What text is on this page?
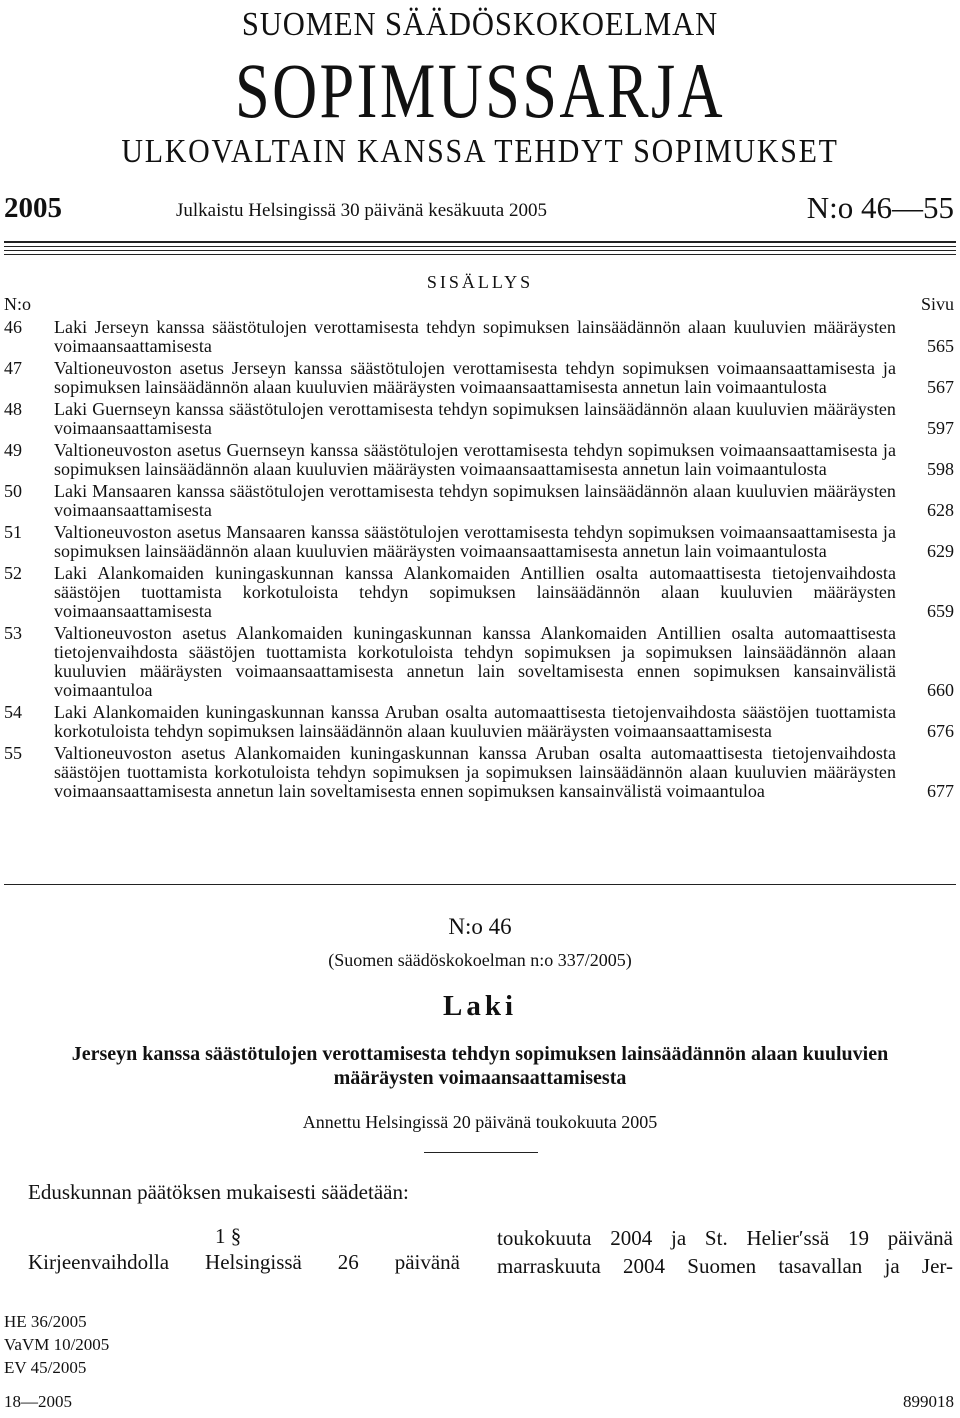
SUOMEN SÄÄDÖSKOKOELMAN
SOPIMUSSARJA
ULKOVALTAIN KANSSA TEHDYT SOPIMUKSET
2005	Julkaistu Helsingissä 30 päivänä kesäkuuta 2005	N:o 46—55
SISÄLLYS
N:o	Sivu
46	Laki Jerseyn kanssa säästötulojen verottamisesta tehdyn sopimuksen lainsäädännön alaan kuuluvien määräysten voimaansaattamisesta	565
47	Valtioneuvoston asetus Jerseyn kanssa säästötulojen verottamisesta tehdyn sopimuksen voimaansaattamisesta ja sopimuksen lainsäädännön alaan kuuluvien määräysten voimaansaattamisesta annetun lain voimaantulosta	567
48	Laki Guernseyn kanssa säästötulojen verottamisesta tehdyn sopimuksen lainsäädännön alaan kuuluvien määräysten voimaansaattamisesta	597
49	Valtioneuvoston asetus Guernseyn kanssa säästötulojen verottamisesta tehdyn sopimuksen voimaansaattamisesta ja sopimuksen lainsäädännön alaan kuuluvien määräysten voimaansaattamisesta annetun lain voimaantulosta	598
50	Laki Mansaaren kanssa säästötulojen verottamisesta tehdyn sopimuksen lainsäädännön alaan kuuluvien määräysten voimaansaattamisesta	628
51	Valtioneuvoston asetus Mansaaren kanssa säästötulojen verottamisesta tehdyn sopimuksen voimaansaattamisesta ja sopimuksen lainsäädännön alaan kuuluvien määräysten voimaansaattamisesta annetun lain voimaantulosta	629
52	Laki Alankomaiden kuningaskunnan kanssa Alankomaiden Antillien osalta automaattisesta tietojenvaihdosta säästöjen tuottamista korkotuloista tehdyn sopimuksen lainsäädännön alaan kuuluvien määräysten voimaansaattamisesta	659
53	Valtioneuvoston asetus Alankomaiden kuningaskunnan kanssa Alankomaiden Antillien osalta automaattisesta tietojenvaihdosta säästöjen tuottamista korkotuloista tehdyn sopimuksen ja sopimuksen lainsäädännön alaan kuuluvien määräysten voimaansaattamisesta annetun lain soveltamisesta ennen sopimuksen kansainvälistä voimaantuloa	660
54	Laki Alankomaiden kuningaskunnan kanssa Aruban osalta automaattisesta tietojenvaihdosta säästöjen tuottamista korkotuloista tehdyn sopimuksen lainsäädännön alaan kuuluvien määräysten voimaansaattamisesta	676
55	Valtioneuvoston asetus Alankomaiden kuningaskunnan kanssa Aruban osalta automaattisesta tietojenvaihdosta säästöjen tuottamista korkotuloista tehdyn sopimuksen ja sopimuksen lainsäädännön alaan kuuluvien määräysten voimaansaattamisesta annetun lain soveltamisesta ennen sopimuksen kansainvälistä voimaantuloa	677
N:o 46
(Suomen säädöskokoelman n:o 337/2005)
Laki
Jerseyn kanssa säästötulojen verottamisesta tehdyn sopimuksen lainsäädännön alaan kuuluvien määräysten voimaansaattamisesta
Annettu Helsingissä 20 päivänä toukokuuta 2005
Eduskunnan päätöksen mukaisesti säädetään:
1 §
Kirjeenvaihdolla Helsingissä 26 päivänä
toukokuuta 2004 ja St. Helier′ssä 19 päivänä
marraskuuta 2004 Suomen tasavallan ja Jer-
HE 36/2005
VaVM 10/2005
EV 45/2005
18—2005	899018
